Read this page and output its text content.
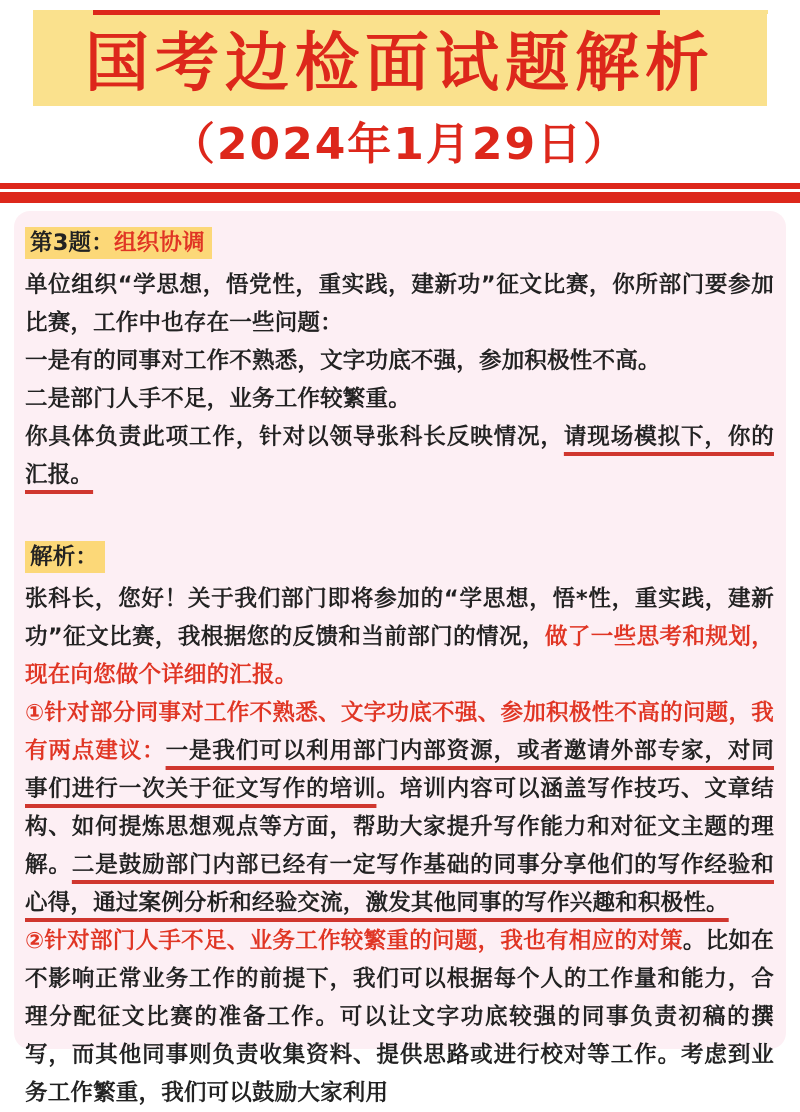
国考边检面试题解析
（2024年1月29日）

第3题：组织协调

单位组织“学思想，悟党性，重实践，建新功”征文比赛，你所部门要参加比赛，工作中也存在一些问题：

一是有的同事对工作不熟悉，文字功底不强，参加积极性不高。

二是部门人手不足，业务工作较繁重。

你具体负责此项工作，针对以领导张科长反映情况，请现场模拟下，你的汇报。

解析：

张科长，您好！关于我们部门即将参加的“学思想，悟*性，重实践，建新功”征文比赛，我根据您的反馈和当前部门的情况，做了一些思考和规划，现在向您做个详细的汇报。

①针对部分同事对工作不熟悉、文字功底不强、参加积极性不高的问题，我有两点建议：一是我们可以利用部门内部资源，或者邀请外部专家，对同事们进行一次关于征文写作的培训。培训内容可以涵盖写作技巧、文章结构、如何提炼思想观点等方面，帮助大家提升写作能力和对征文主题的理解。二是鼓励部门内部已经有一定写作基础的同事分享他们的写作经验和心得，通过案例分析和经验交流，激发其他同事的写作兴趣和积极性。

②针对部门人手不足、业务工作较繁重的问题，我也有相应的对策。比如在不影响正常业务工作的前提下，我们可以根据每个人的工作量和能力，合理分配征文比赛的准备工作。可以让文字功底较强的同事负责初稿的撰写，而其他同事则负责收集资料、提供思路或进行校对等工作。考虑到业务工作繁重，我们可以鼓励大家利用
